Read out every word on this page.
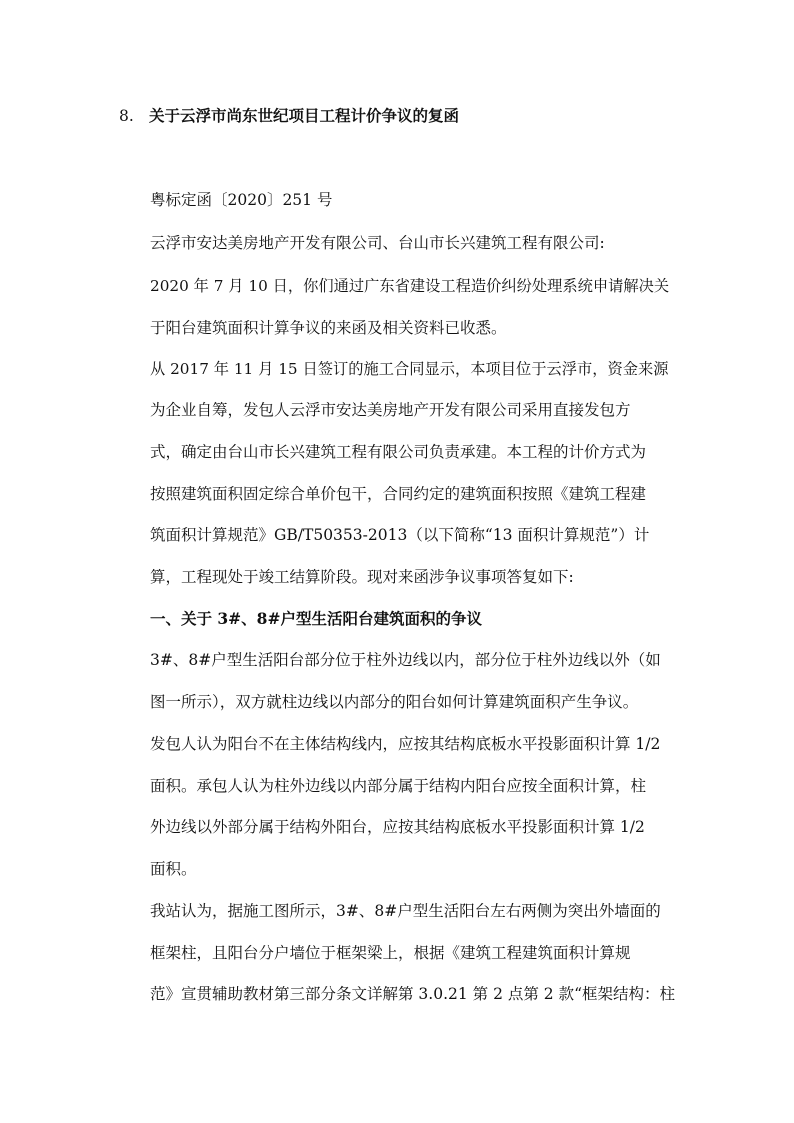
8. 关于云浮市尚东世纪项目工程计价争议的复函
粤标定函〔2020〕251 号
云浮市安达美房地产开发有限公司、台山市长兴建筑工程有限公司:
2020 年 7 月 10 日，你们通过广东省建设工程造价纠纷处理系统申请解决关
于阳台建筑面积计算争议的来函及相关资料已收悉。
从 2017 年 11 月 15 日签订的施工合同显示，本项目位于云浮市，资金来源
为企业自筹，发包人云浮市安达美房地产开发有限公司采用直接发包方
式，确定由台山市长兴建筑工程有限公司负责承建。本工程的计价方式为
按照建筑面积固定综合单价包干，合同约定的建筑面积按照《建筑工程建
筑面积计算规范》GB/T50353-2013（以下简称“13 面积计算规范”）计
算，工程现处于竣工结算阶段。现对来函涉争议事项答复如下:
一、关于 3#、8#户型生活阳台建筑面积的争议
3#、8#户型生活阳台部分位于柱外边线以内，部分位于柱外边线以外（如
图一所示），双方就柱边线以内部分的阳台如何计算建筑面积产生争议。
发包人认为阳台不在主体结构线内，应按其结构底板水平投影面积计算 1/2
面积。承包人认为柱外边线以内部分属于结构内阳台应按全面积计算，柱
外边线以外部分属于结构外阳台，应按其结构底板水平投影面积计算 1/2
面积。
我站认为，据施工图所示，3#、8#户型生活阳台左右两侧为突出外墙面的
框架柱，且阳台分户墙位于框架梁上，根据《建筑工程建筑面积计算规
范》宣贯辅助教材第三部分条文详解第 3.0.21 第 2 点第 2 款“框架结构：柱
